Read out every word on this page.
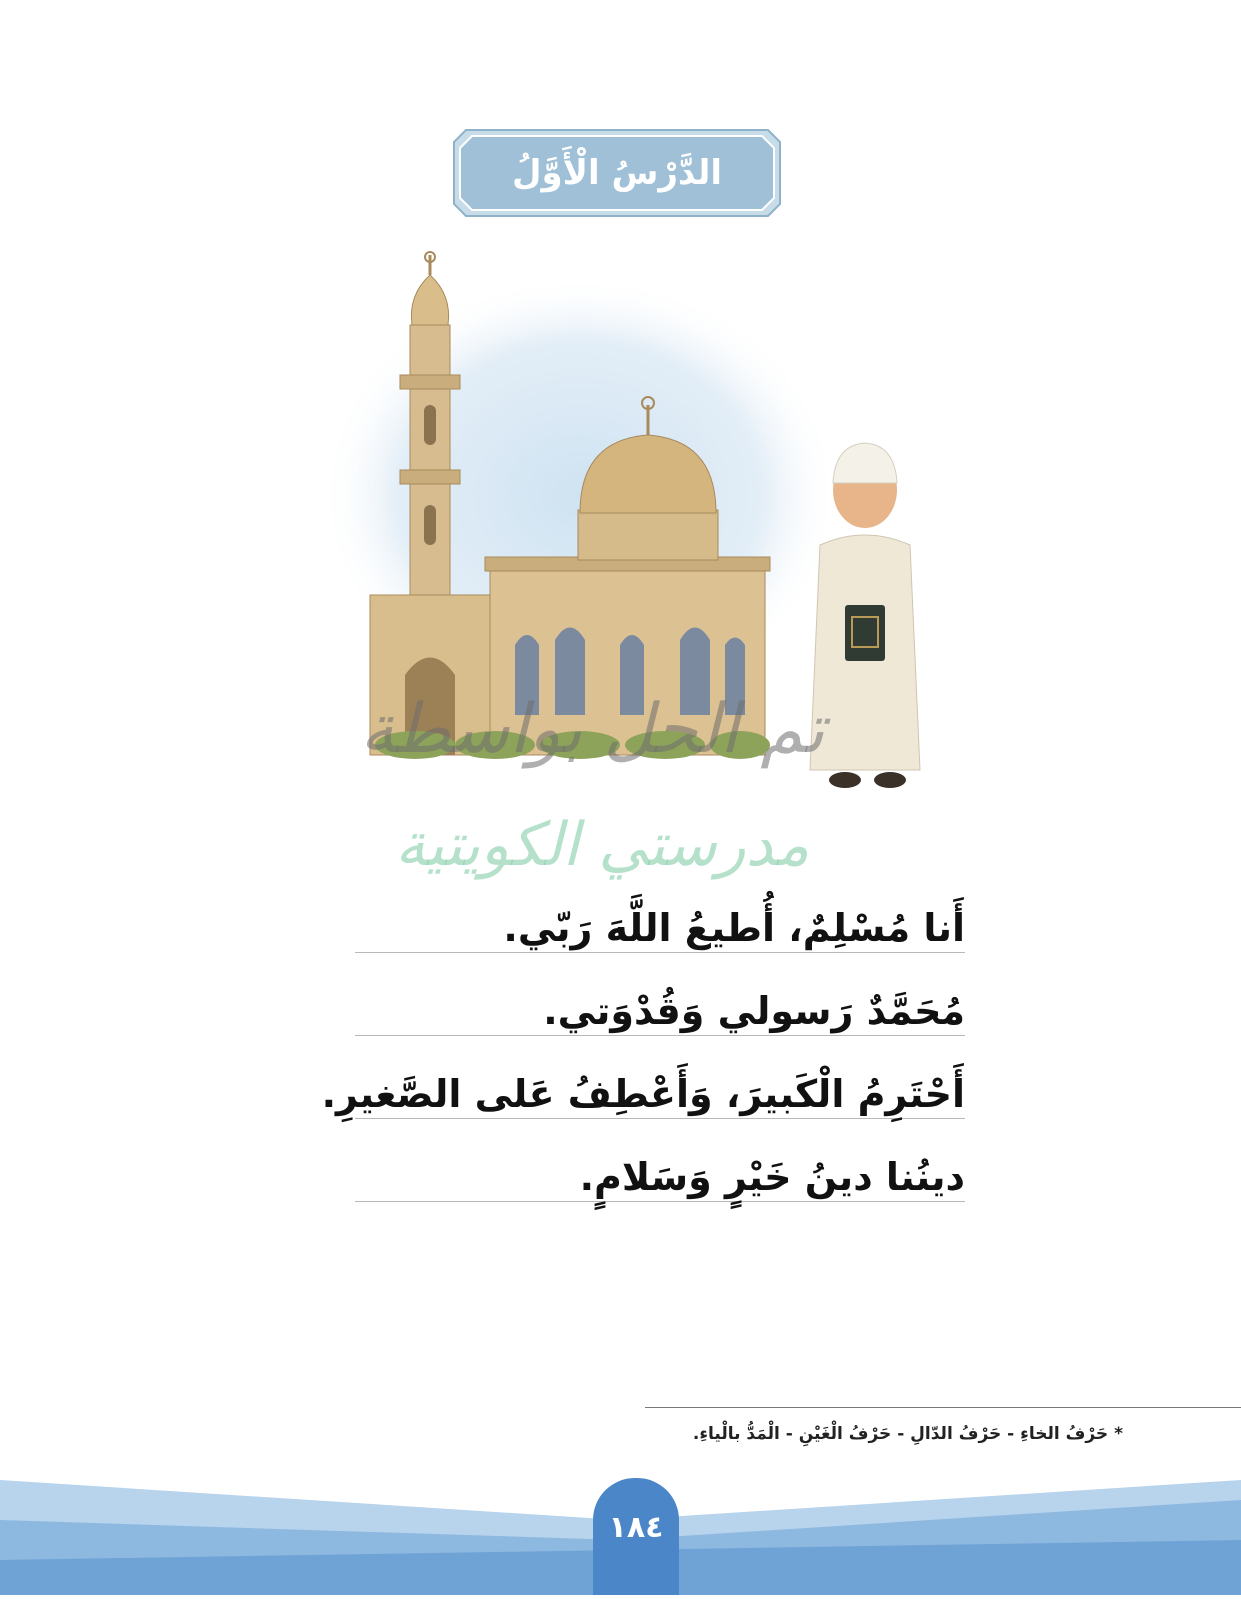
الدَّرْسُ الْأَوَّلُ
تم الحل بواسطة
مدرستي الكويتية
أَنا مُسْلِمٌ، أُطيعُ اللَّهَ رَبّي.
مُحَمَّدٌ رَسولي وَقُدْوَتي.
أَحْتَرِمُ الْكَبيرَ، وَأَعْطِفُ عَلى الصَّغيرِ.
دينُنا دينُ خَيْرٍ وَسَلامٍ.
* حَرْفُ الخاءِ - حَرْفُ الدّالِ - حَرْفُ الْغَيْنِ - الْمَدُّ بالْياءِ.
١٨٤
